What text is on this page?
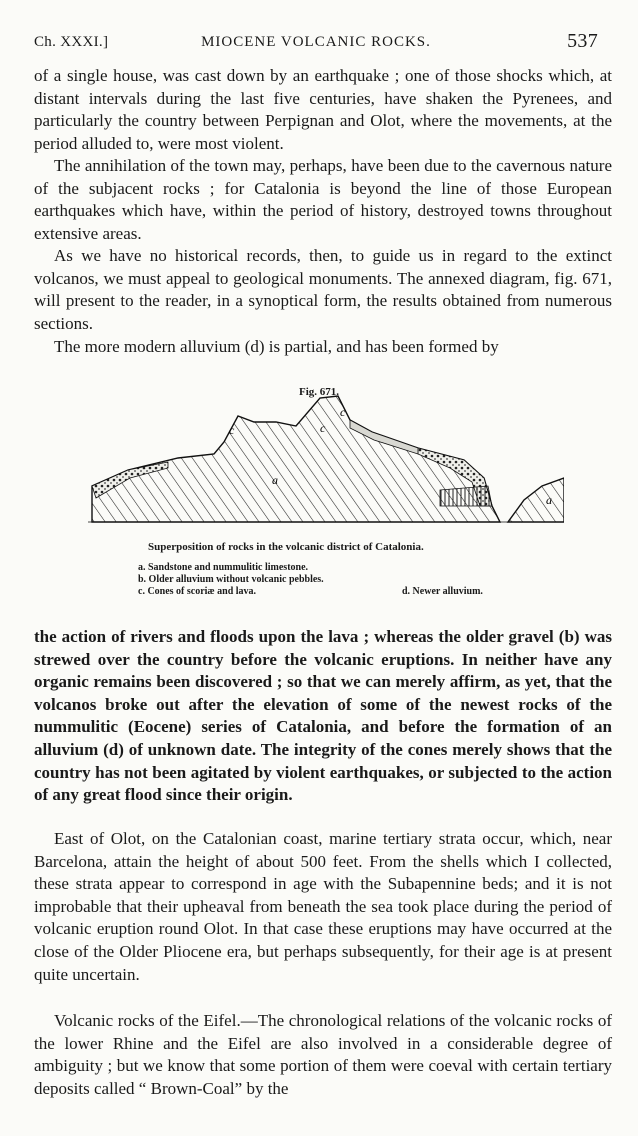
Ch. XXXI.]	MIOCENE VOLCANIC ROCKS.	537

of a single house, was cast down by an earthquake ; one of those shocks which, at distant intervals during the last five centuries, have shaken the Pyrenees, and particularly the country between Perpignan and Olot, where the movements, at the period alluded to, were most violent.

The annihilation of the town may, perhaps, have been due to the cavernous nature of the subjacent rocks ; for Catalonia is beyond the line of those European earthquakes which have, within the period of history, destroyed towns throughout extensive areas.

As we have no historical records, then, to guide us in regard to the extinct volcanos, we must appeal to geological monuments. The annexed diagram, fig. 671, will present to the reader, in a synoptical form, the results obtained from numerous sections.

The more modern alluvium (d) is partial, and has been formed by

Fig. 671.
c	c
c
a
a
Superposition of rocks in the volcanic district of Catalonia.
a. Sandstone and nummulitic limestone.
b. Older alluvium without volcanic pebbles.
c. Cones of scoriæ and lava.	d. Newer alluvium.

the action of rivers and floods upon the lava ; whereas the older gravel (b) was strewed over the country before the volcanic eruptions. In neither have any organic remains been discovered ; so that we can merely affirm, as yet, that the volcanos broke out after the elevation of some of the newest rocks of the nummulitic (Eocene) series of Catalonia, and before the formation of an alluvium (d) of unknown date. The integrity of the cones merely shows that the country has not been agitated by violent earthquakes, or subjected to the action of any great flood since their origin.

East of Olot, on the Catalonian coast, marine tertiary strata occur, which, near Barcelona, attain the height of about 500 feet. From the shells which I collected, these strata appear to correspond in age with the Subapennine beds; and it is not improbable that their upheaval from beneath the sea took place during the period of volcanic eruption round Olot. In that case these eruptions may have occurred at the close of the Older Pliocene era, but perhaps subsequently, for their age is at present quite uncertain.

Volcanic rocks of the Eifel.—The chronological relations of the volcanic rocks of the lower Rhine and the Eifel are also involved in a considerable degree of ambiguity ; but we know that some portion of them were coeval with certain tertiary deposits called “ Brown-Coal” by the
